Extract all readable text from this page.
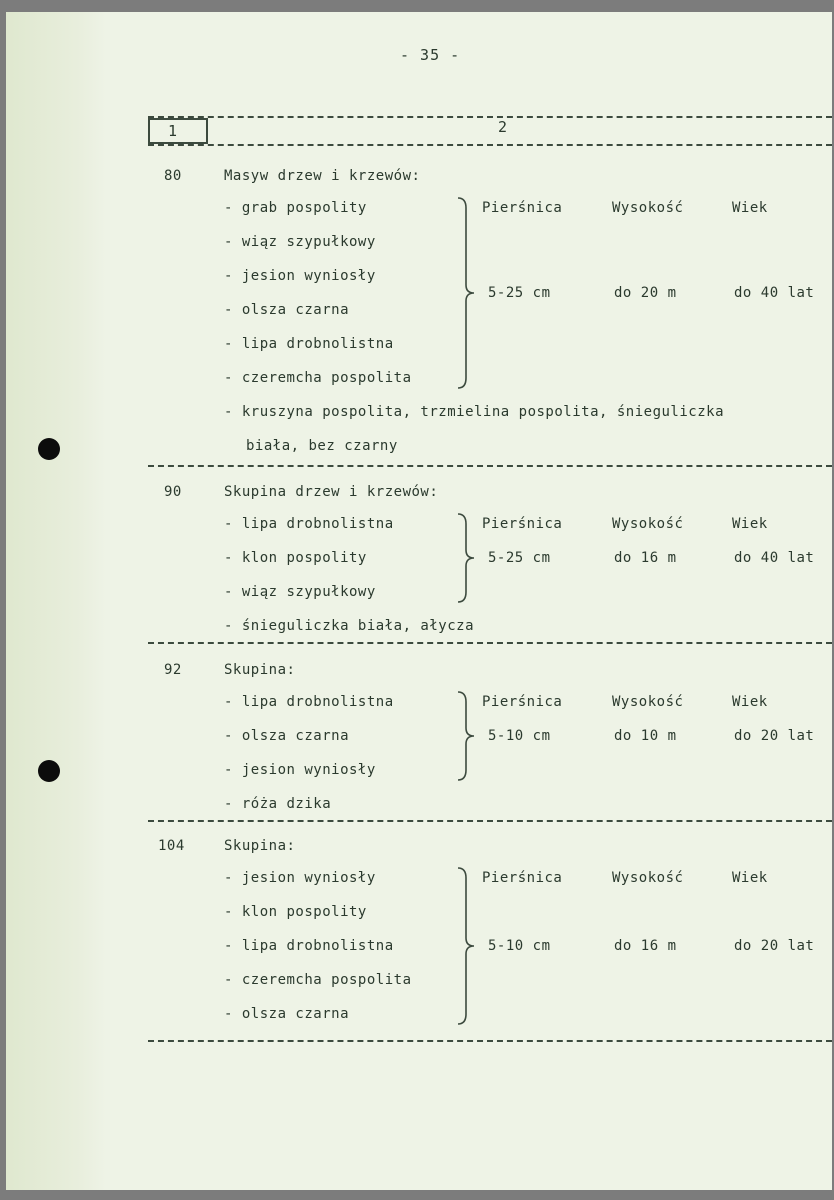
- 35 -
1	2
80	Masyw drzew i krzewów:
- grab pospolity
- wiąz szypułkowy
- jesion wyniosły
- olsza czarna
- lipa drobnolistna
- czeremcha pospolita
Pierśnica	Wysokość	Wiek
5-25 cm	do 20 m	do 40 lat
- kruszyna pospolita, trzmielina pospolita, śnieguliczka
biała, bez czarny
90	Skupina drzew i krzewów:
- lipa drobnolistna
- klon pospolity
- wiąz szypułkowy
Pierśnica	Wysokość	Wiek
5-25 cm	do 16 m	do 40 lat
- śnieguliczka biała, ałycza
92	Skupina:
- lipa drobnolistna
- olsza czarna
- jesion wyniosły
Pierśnica	Wysokość	Wiek
5-10 cm	do 10 m	do 20 lat
- róża dzika
104	Skupina:
- jesion wyniosły
- klon pospolity
- lipa drobnolistna
- czeremcha pospolita
- olsza czarna
Pierśnica	Wysokość	Wiek
5-10 cm	do 16 m	do 20 lat
